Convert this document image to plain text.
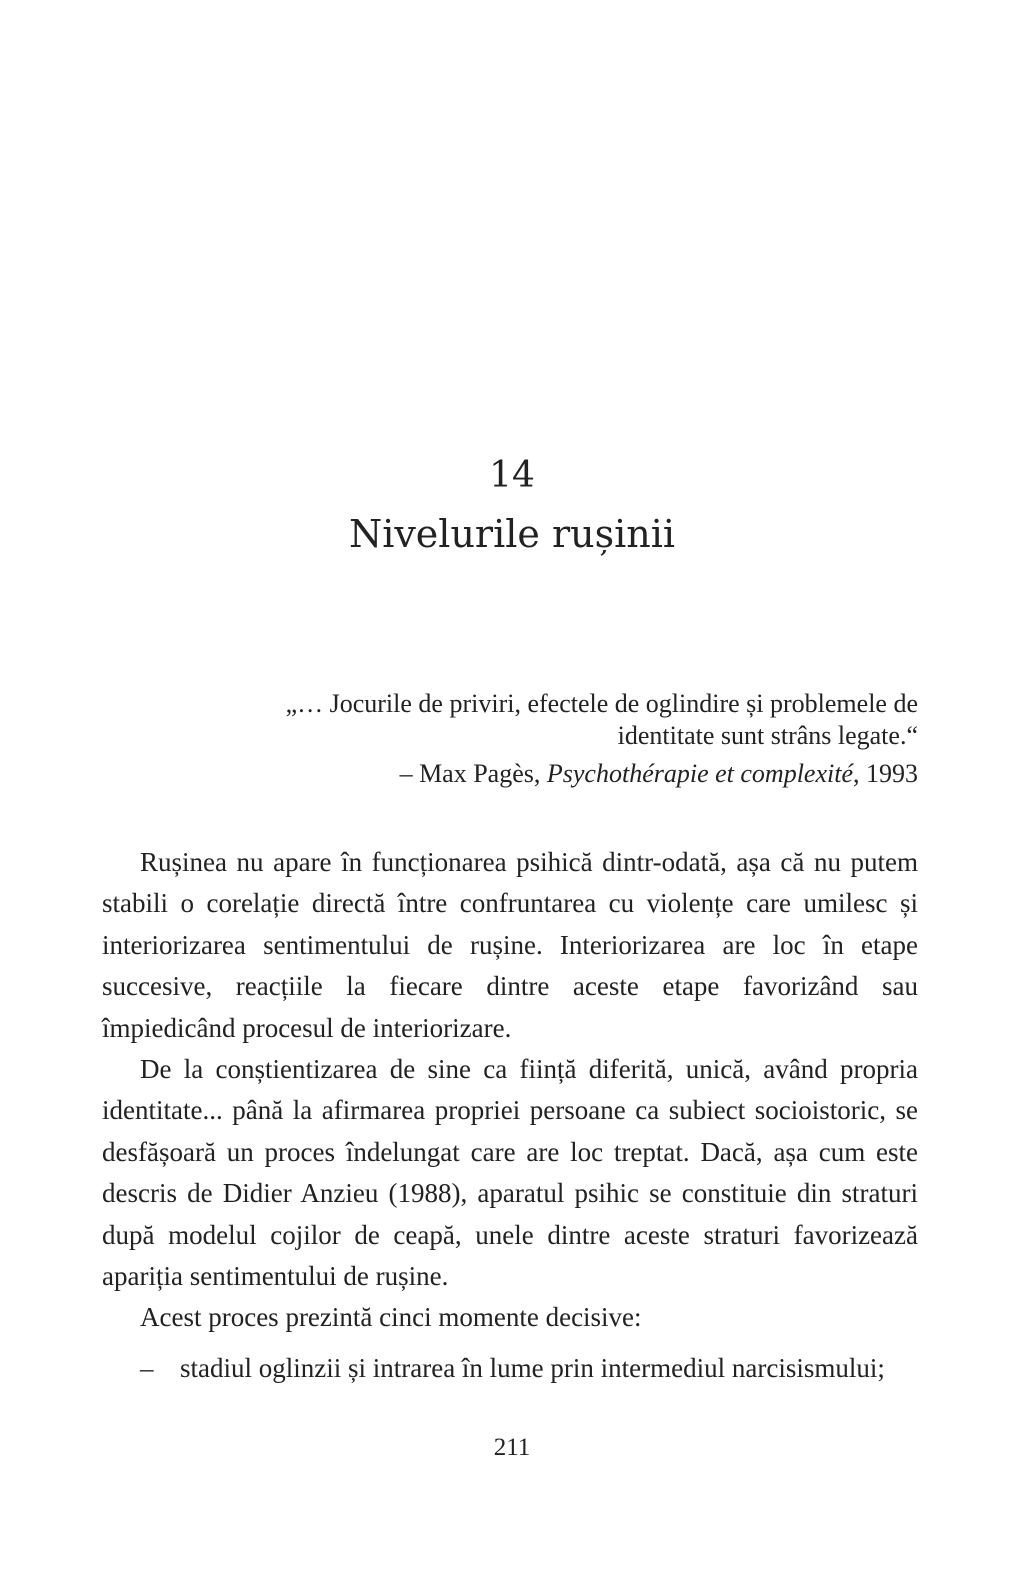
14
Nivelurile rușinii

„… Jocurile de priviri, efectele de oglindire și problemele de identitate sunt strâns legate.“

– Max Pagès, Psychothérapie et complexité, 1993

Rușinea nu apare în funcționarea psihică dintr-odată, așa că nu putem stabili o corelație directă între confruntarea cu violențe care umilesc și interiorizarea sentimentului de rușine. Interiorizarea are loc în etape succesive, reacțiile la fiecare dintre aceste etape favorizând sau împiedicând procesul de interiorizare.

De la conștientizarea de sine ca ființă diferită, unică, având propria identitate... până la afirmarea propriei persoane ca subiect socioistoric, se desfășoară un proces îndelungat care are loc treptat. Dacă, așa cum este descris de Didier Anzieu (1988), aparatul psihic se constituie din straturi după modelul cojilor de ceapă, unele dintre aceste straturi favorizează apariția sentimentului de rușine.

Acest proces prezintă cinci momente decisive:

– stadiul oglinzii și intrarea în lume prin intermediul narcisismului;
211
